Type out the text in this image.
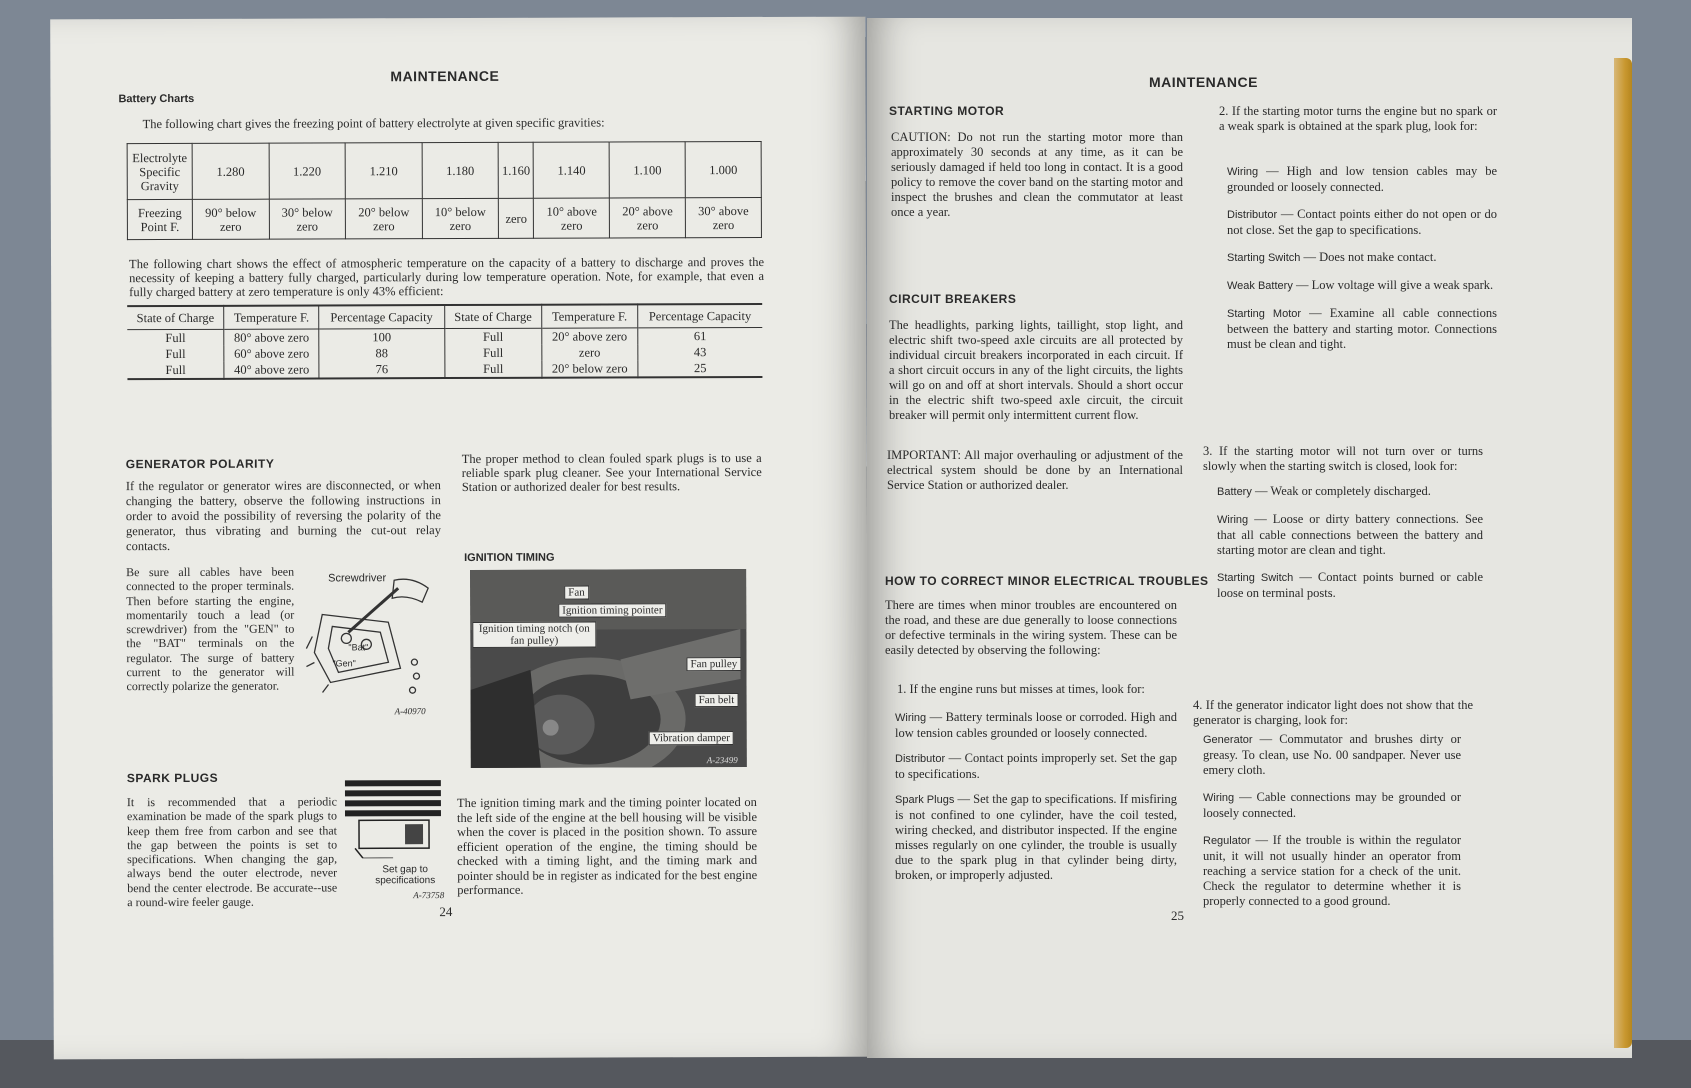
MAINTENANCE
Battery Charts
The following chart gives the freezing point of battery electrolyte at given specific gravities:
Electrolyte Specific Gravity	1.280	1.220	1.210	1.180	1.160	1.140	1.100	1.000
Freezing Point F.	90° below zero	30° below zero	20° below zero	10° below zero	zero	10° above zero	20° above zero	30° above zero
The following chart shows the effect of atmospheric temperature on the capacity of a battery to discharge and proves the necessity of keeping a battery fully charged, particularly during low temperature operation. Note, for example, that even a fully charged battery at zero temperature is only 43% efficient:
State of Charge	Temperature F.	Percentage Capacity	State of Charge	Temperature F.	Percentage Capacity
Full	80° above zero	100	Full	20° above zero	61
Full	60° above zero	88	Full	zero	43
Full	40° above zero	76	Full	20° below zero	25
GENERATOR POLARITY
If the regulator or generator wires are disconnected, or when changing the battery, observe the following instructions in order to avoid the possibility of reversing the polarity of the generator, thus vibrating and burning the cut-out relay contacts.
Be sure all cables have been connected to the proper terminals. Then before starting the engine, momentarily touch a lead (or screwdriver) from the "GEN" to the "BAT" terminals on the regulator. The surge of battery current to the generator will correctly polarize the generator.
Screwdriver
"Bat"
"Gen"
A-40970
The proper method to clean fouled spark plugs is to use a reliable spark plug cleaner. See your International Service Station or authorized dealer for best results.
IGNITION TIMING
Fan
Ignition timing pointer
Ignition timing notch (on fan pulley)
Fan pulley
Fan belt
Vibration damper
A-23499
SPARK PLUGS
It is recommended that a periodic examination be made of the spark plugs to keep them free from carbon and see that the gap between the points is set to specifications. When changing the gap, always bend the outer electrode, never bend the center electrode. Be accurate--use a round-wire feeler gauge.
Set gap to specifications
A-73758
The ignition timing mark and the timing pointer located on the left side of the engine at the bell housing will be visible when the cover is placed in the position shown. To assure efficient operation of the engine, the timing should be checked with a timing light, and the timing mark and pointer should be in register as indicated for the best engine performance.
24
MAINTENANCE
STARTING MOTOR
CAUTION: Do not run the starting motor more than approximately 30 seconds at any time, as it can be seriously damaged if held too long in contact. It is a good policy to remove the cover band on the starting motor and inspect the brushes and clean the commutator at least once a year.
CIRCUIT BREAKERS
The headlights, parking lights, taillight, stop light, and electric shift two-speed axle circuits are all protected by individual circuit breakers incorporated in each circuit. If a short circuit occurs in any of the light circuits, the lights will go on and off at short intervals. Should a short occur in the electric shift two-speed axle circuit, the circuit breaker will permit only intermittent current flow.
IMPORTANT: All major overhauling or adjustment of the electrical system should be done by an International Service Station or authorized dealer.
HOW TO CORRECT MINOR ELECTRICAL TROUBLES
There are times when minor troubles are encountered on the road, and these are due generally to loose connections or defective terminals in the wiring system. These can be easily detected by observing the following:
1. If the engine runs but misses at times, look for:
Wiring — Battery terminals loose or corroded. High and low tension cables grounded or loosely connected.
Distributor — Contact points improperly set. Set the gap to specifications.
Spark Plugs — Set the gap to specifications. If misfiring is not confined to one cylinder, have the coil tested, wiring checked, and distributor inspected. If the engine misses regularly on one cylinder, the trouble is usually due to the spark plug in that cylinder being dirty, broken, or improperly adjusted.
2. If the starting motor turns the engine but no spark or a weak spark is obtained at the spark plug, look for:
Wiring — High and low tension cables may be grounded or loosely connected.
Distributor — Contact points either do not open or do not close. Set the gap to specifications.
Starting Switch — Does not make contact.
Weak Battery — Low voltage will give a weak spark.
Starting Motor — Examine all cable connections between the battery and starting motor. Connections must be clean and tight.
3. If the starting motor will not turn over or turns slowly when the starting switch is closed, look for:
Battery — Weak or completely discharged.
Wiring — Loose or dirty battery connections. See that all cable connections between the battery and starting motor are clean and tight.
Starting Switch — Contact points burned or cable loose on terminal posts.
4. If the generator indicator light does not show that the generator is charging, look for:
Generator — Commutator and brushes dirty or greasy. To clean, use No. 00 sandpaper. Never use emery cloth.
Wiring — Cable connections may be grounded or loosely connected.
Regulator — If the trouble is within the regulator unit, it will not usually hinder an operator from reaching a service station for a check of the unit. Check the regulator to determine whether it is properly connected to a good ground.
25
